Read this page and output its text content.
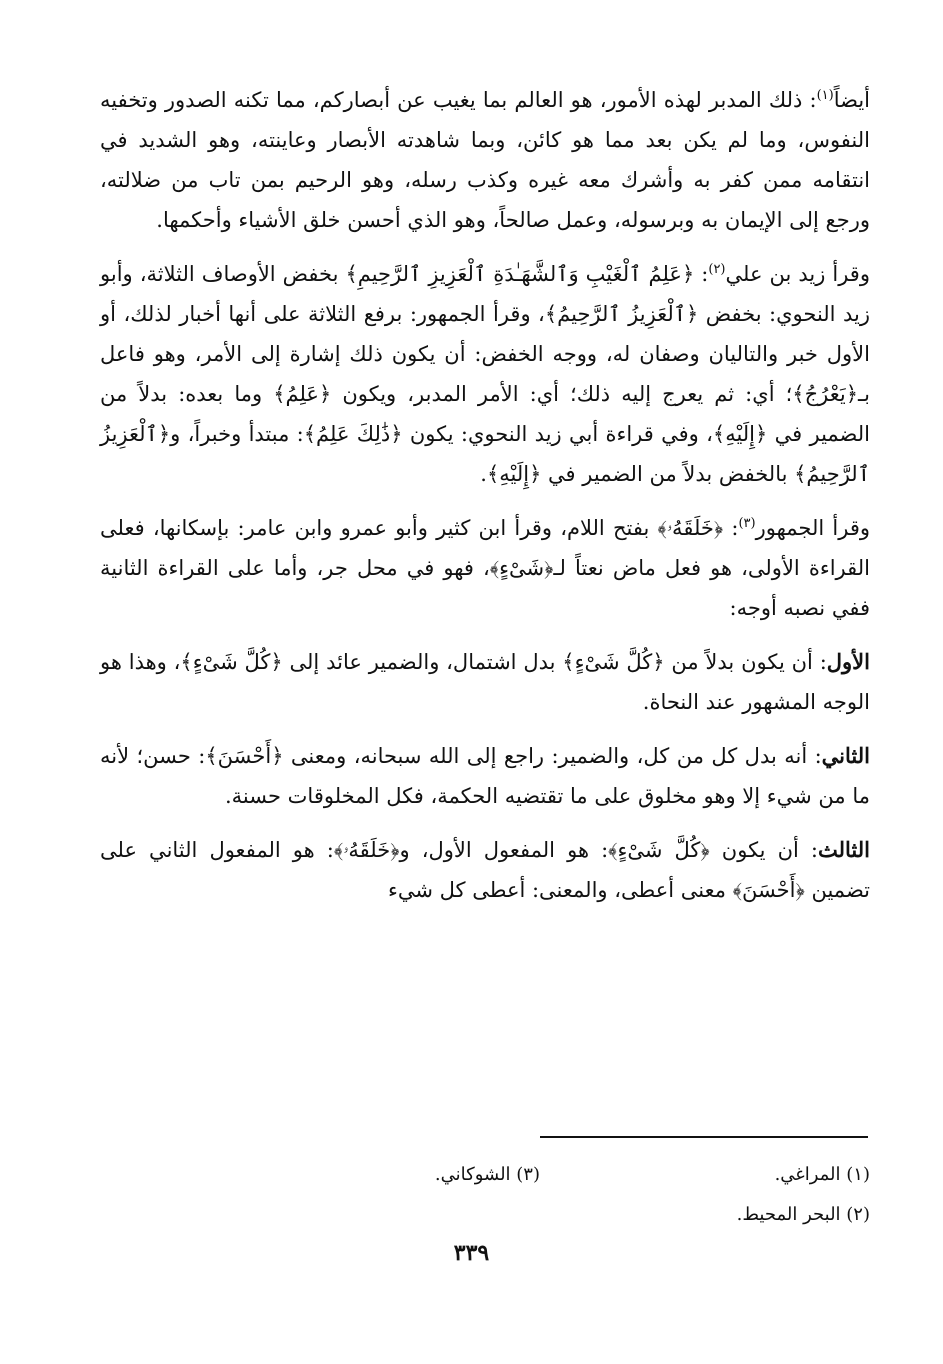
أيضاً$^{(١)}$: ذلك المدبر لهذه الأمور، هو العالم بما يغيب عن أبصاركم، مما تكنه الصدور وتخفيه النفوس، وما لم يكن بعد مما هو كائن، وبما شاهدته الأبصار وعاينته، وهو الشديد في انتقامه ممن كفر به وأشرك معه غيره وكذب رسله، وهو الرحيم بمن تاب من ضلالته، ورجع إلى الإيمان به وبرسوله، وعمل صالحاً، وهو الذي أحسن خلق الأشياء وأحكمها.

وقرأ زيد بن علي$^{(٢)}$: ﴿عَلِمُ ٱلْغَيْبِ وَٱلشَّهَـٰدَةِ ٱلْعَزِيزِ ٱلرَّحِيمِ﴾ بخفض الأوصاف الثلاثة، وأبو زيد النحوي: بخفض ﴿ٱلْعَزِيزُ ٱلرَّحِيمُ﴾، وقرأ الجمهور: برفع الثلاثة على أنها أخبار لذلك، أو الأول خبر والتاليان وصفان له، ووجه الخفض: أن يكون ذلك إشارة إلى الأمر، وهو فاعل بـ﴿يَعْرُجُ﴾؛ أي: ثم يعرج إليه ذلك؛ أي: الأمر المدبر، ويكون ﴿عَلِمُ﴾ وما بعده: بدلاً من الضمير في ﴿إِلَيْهِ﴾، وفي قراءة أبي زيد النحوي: يكون ﴿ذَٰلِكَ عَلِمُ﴾: مبتدأ وخبراً، و﴿ٱلْعَزِيزُ ٱلرَّحِيمُ﴾ بالخفض بدلاً من الضمير في ﴿إِلَيْهِ﴾.

وقرأ الجمهور$^{(٣)}$: ﴿خَلَقَهُۥ﴾ بفتح اللام، وقرأ ابن كثير وأبو عمرو وابن عامر: بإسكانها، فعلى القراءة الأولى، هو فعل ماض نعتاً لـ﴿شَىْءٍ﴾، فهو في محل جر، وأما على القراءة الثانية ففي نصبه أوجه:

الأول: أن يكون بدلاً من ﴿كُلَّ شَىْءٍ﴾ بدل اشتمال، والضمير عائد إلى ﴿كُلَّ شَىْءٍ﴾، وهذا هو الوجه المشهور عند النحاة.

الثاني: أنه بدل كل من كل، والضمير: راجع إلى الله سبحانه، ومعنى ﴿أَحْسَنَ﴾: حسن؛ لأنه ما من شيء إلا وهو مخلوق على ما تقتضيه الحكمة، فكل المخلوقات حسنة.

الثالث: أن يكون ﴿كُلَّ شَىْءٍ﴾: هو المفعول الأول، و﴿خَلَقَهُۥ﴾: هو المفعول الثاني على تضمين ﴿أَحْسَنَ﴾ معنى أعطى، والمعنى: أعطى كل شيء

(١) المراغي.
(٣) الشوكاني.
(٢) البحر المحيط.
٣٣٩
